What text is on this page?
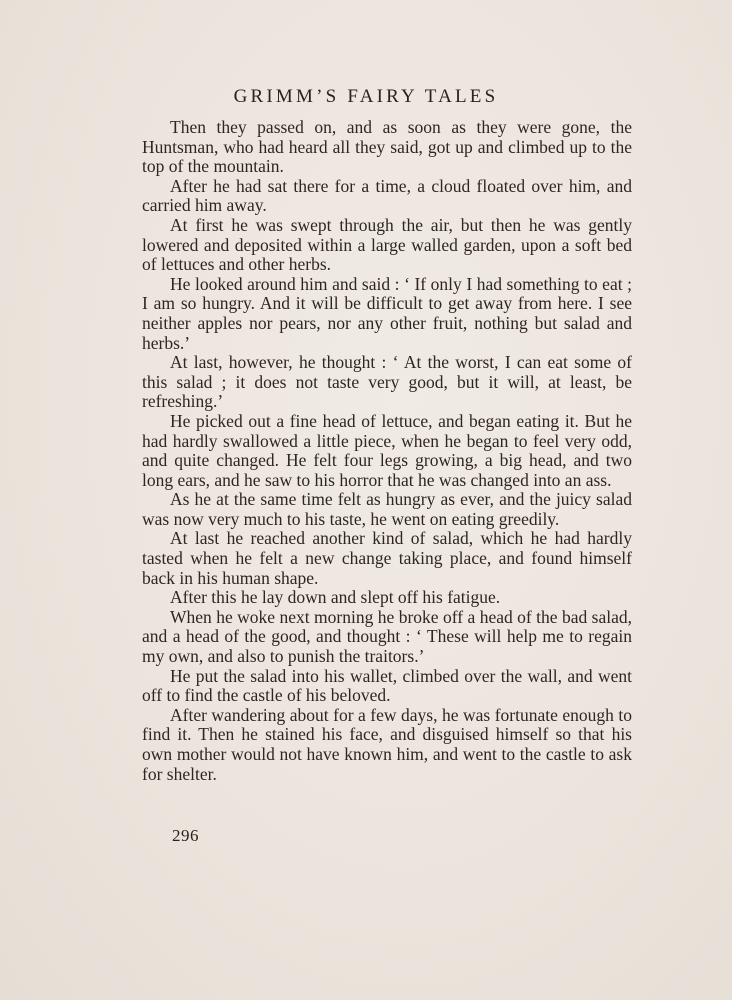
GRIMM’S FAIRY TALES

Then they passed on, and as soon as they were gone, the Huntsman, who had heard all they said, got up and climbed up to the top of the mountain.

After he had sat there for a time, a cloud floated over him, and carried him away.

At first he was swept through the air, but then he was gently lowered and deposited within a large walled garden, upon a soft bed of lettuces and other herbs.

He looked around him and said : ‘ If only I had something to eat ; I am so hungry. And it will be difficult to get away from here. I see neither apples nor pears, nor any other fruit, nothing but salad and herbs.’

At last, however, he thought : ‘ At the worst, I can eat some of this salad ; it does not taste very good, but it will, at least, be refreshing.’

He picked out a fine head of lettuce, and began eating it. But he had hardly swallowed a little piece, when he began to feel very odd, and quite changed. He felt four legs growing, a big head, and two long ears, and he saw to his horror that he was changed into an ass.

As he at the same time felt as hungry as ever, and the juicy salad was now very much to his taste, he went on eating greedily.

At last he reached another kind of salad, which he had hardly tasted when he felt a new change taking place, and found himself back in his human shape.

After this he lay down and slept off his fatigue.

When he woke next morning he broke off a head of the bad salad, and a head of the good, and thought : ‘ These will help me to regain my own, and also to punish the traitors.’

He put the salad into his wallet, climbed over the wall, and went off to find the castle of his beloved.

After wandering about for a few days, he was fortunate enough to find it. Then he stained his face, and disguised himself so that his own mother would not have known him, and went to the castle to ask for shelter.

296
